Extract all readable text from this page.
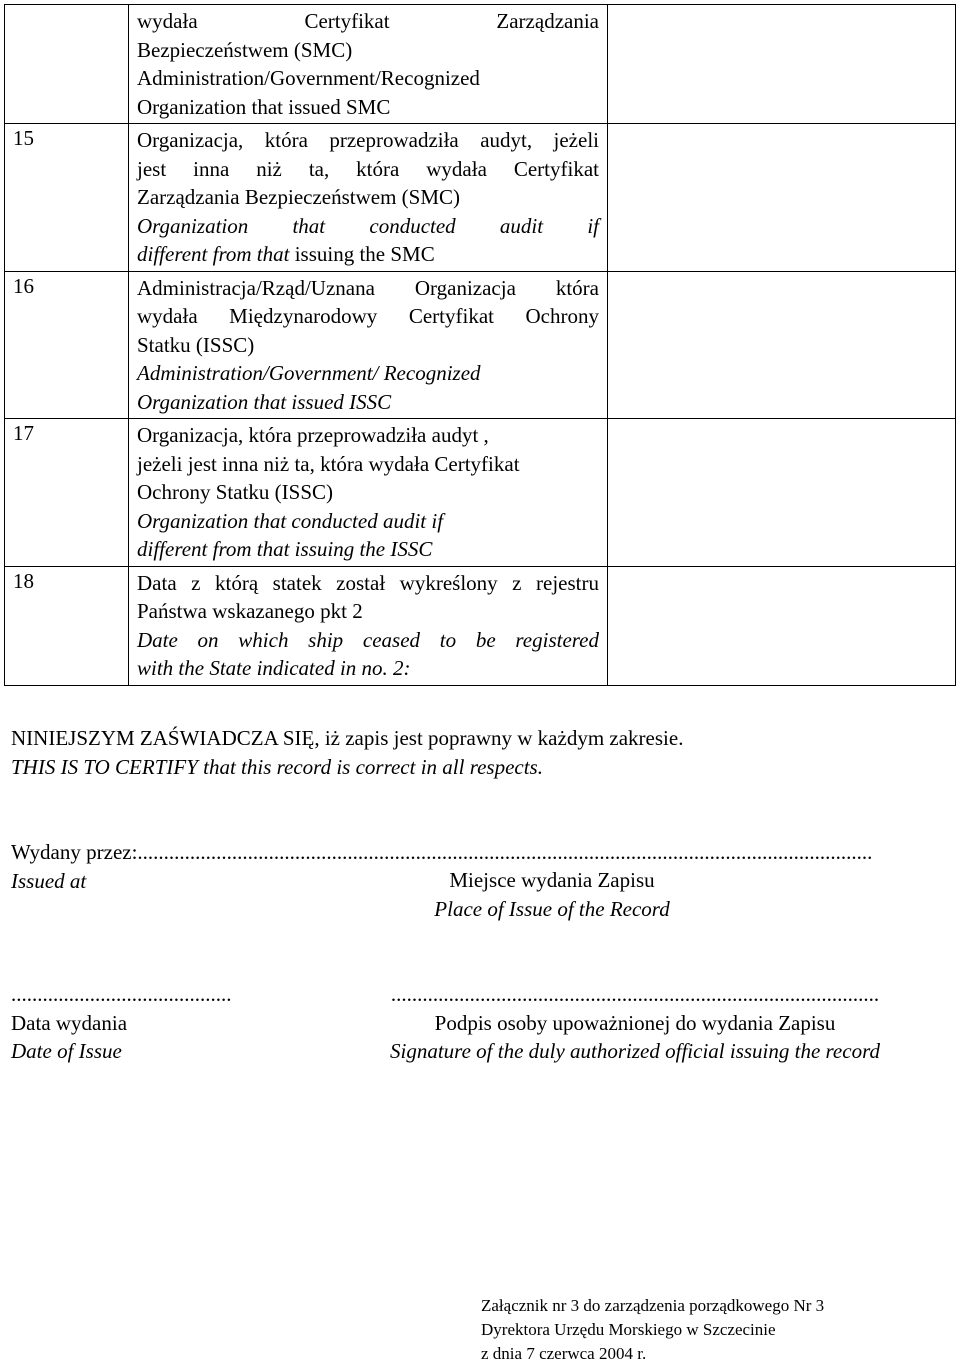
	wydała Certyfikat Zarządzania
Bezpieczeństwem (SMC)
Administration/Government/Recognized
Organization that issued SMC	

15	Organizacja, która przeprowadziła audyt, jeżeli
jest inna niż ta, która wydała Certyfikat
Zarządzania Bezpieczeństwem (SMC)
Organization that conducted audit if
different from that issuing the SMC	

16	Administracja/Rząd/Uznana Organizacja która
wydała Międzynarodowy Certyfikat Ochrony
Statku (ISSC)
Administration/Government/ Recognized
Organization that issued ISSC	

17	Organizacja, która przeprowadziła audyt ,
jeżeli jest inna niż ta, która wydała Certyfikat
Ochrony Statku (ISSC)
Organization that conducted audit if
different from that issuing the ISSC	

18	Data z którą statek został wykreślony z rejestru
Państwa wskazanego pkt 2
Date on which ship ceased to be registered
with the State indicated in no. 2:	

NINIEJSZYM ZAŚWIADCZA SIĘ, iż zapis jest poprawny w każdym zakresie.
THIS IS TO CERTIFY that this record is correct in all respects.
Wydany przez:............................................................................................................................................
Issued at	Miejsce wydania Zapisu
Place of Issue of the Record
..........................................
Data wydania
Date of Issue
.............................................................................................
Podpis osoby upoważnionej do wydania Zapisu
Signature of the duly authorized official issuing the record
Załącznik nr 3 do zarządzenia porządkowego Nr 3
Dyrektora Urzędu Morskiego w Szczecinie
z dnia 7 czerwca 2004 r.
